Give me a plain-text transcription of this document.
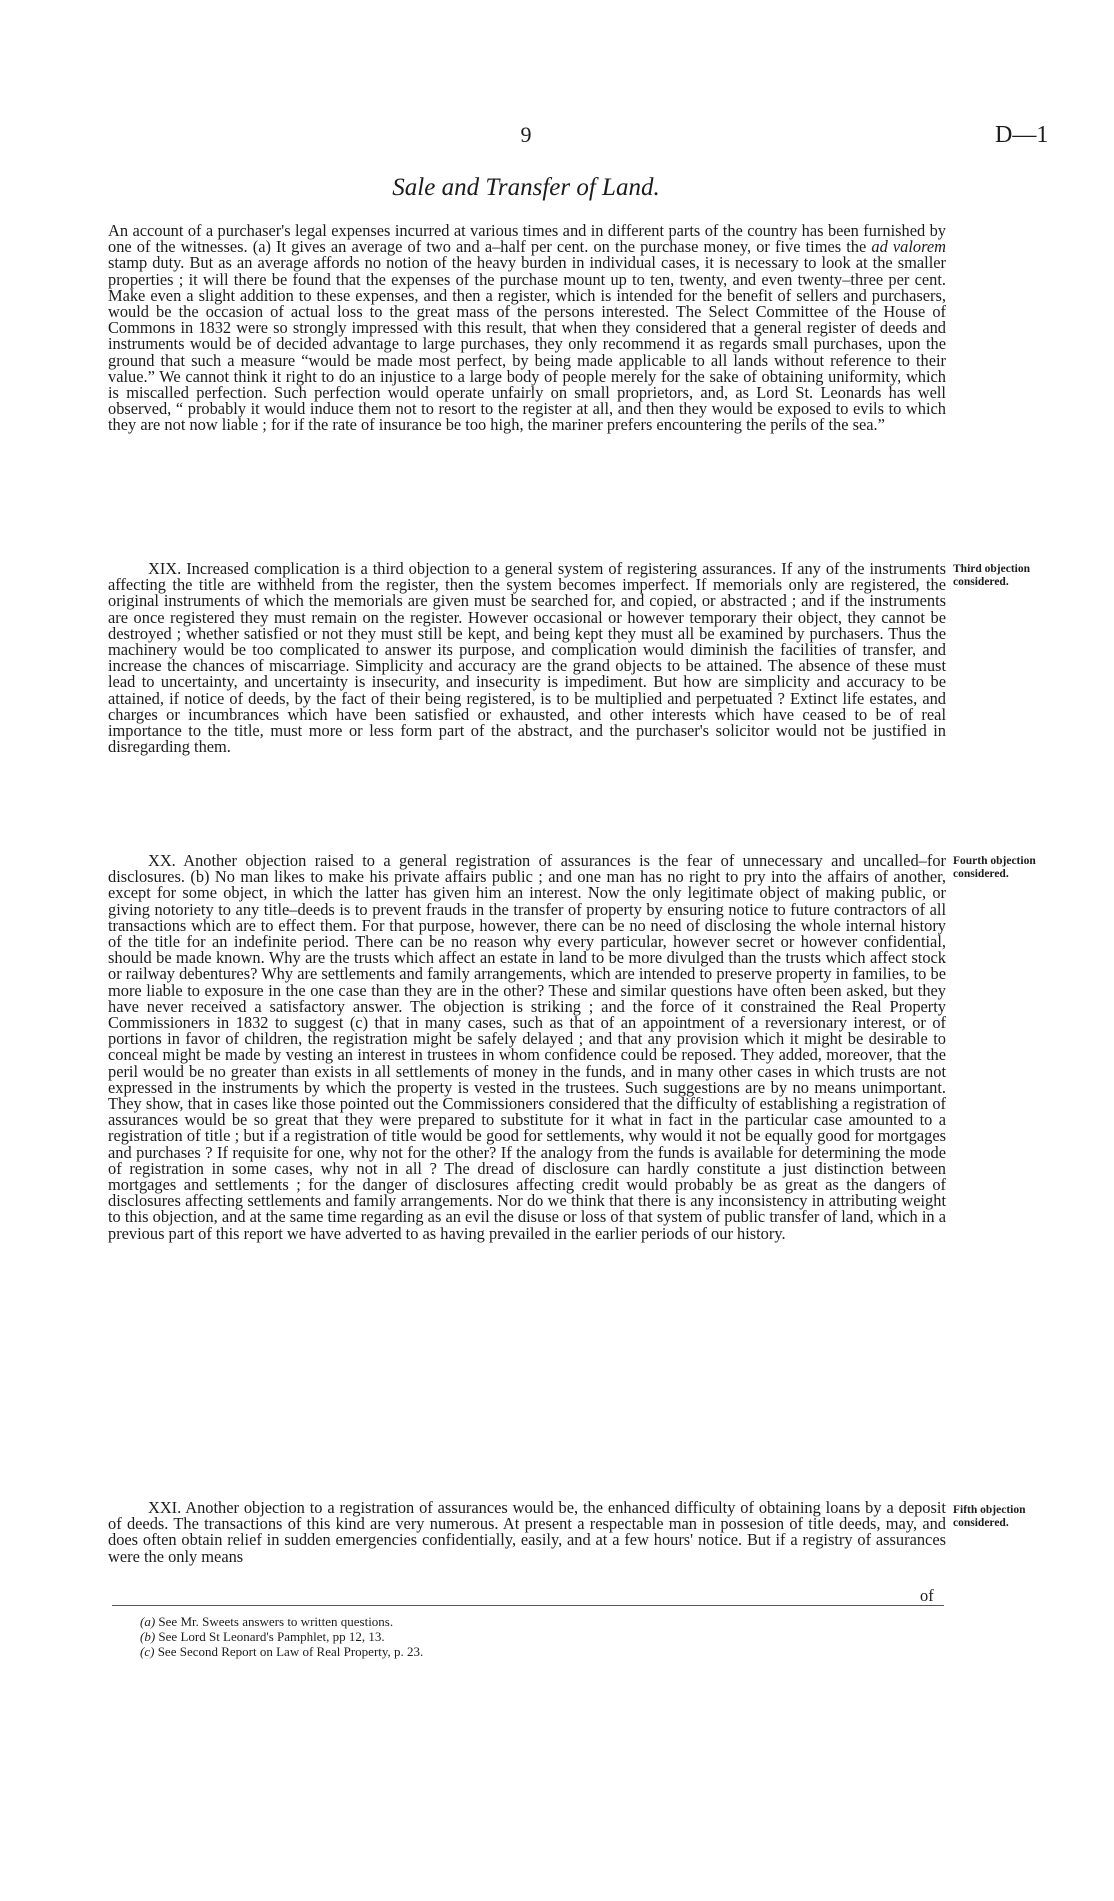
9	D—1
Sale and Transfer of Land.

An account of a purchaser's legal expenses incurred at various times and in different parts of the country has been furnished by one of the witnesses. (a) It gives an average of two and a–half per cent. on the purchase money, or five times the ad valorem stamp duty. But as an average affords no notion of the heavy burden in individual cases, it is necessary to look at the smaller properties ; it will there be found that the expenses of the purchase mount up to ten, twenty, and even twenty–three per cent. Make even a slight addition to these expenses, and then a register, which is intended for the benefit of sellers and purchasers, would be the occasion of actual loss to the great mass of the persons interested. The Select Committee of the House of Commons in 1832 were so strongly impressed with this result, that when they considered that a general register of deeds and instruments would be of decided advantage to large purchases, they only recommend it as regards small purchases, upon the ground that such a measure “would be made most perfect, by being made applicable to all lands without reference to their value.” We cannot think it right to do an injustice to a large body of people merely for the sake of obtaining uniformity, which is miscalled perfection. Such perfection would operate unfairly on small proprietors, and, as Lord St. Leonards has well observed, “ probably it would induce them not to resort to the register at all, and then they would be exposed to evils to which they are not now liable ; for if the rate of insurance be too high, the mariner prefers encountering the perils of the sea.”

XIX. Increased complication is a third objection to a general system of registering assurances. If any of the instruments affecting the title are withheld from the register, then the system becomes imperfect. If memorials only are registered, the original instruments of which the memorials are given must be searched for, and copied, or abstracted ; and if the instruments are once registered they must remain on the register. However occasional or however temporary their object, they cannot be destroyed ; whether satisfied or not they must still be kept, and being kept they must all be examined by purchasers. Thus the machinery would be too complicated to answer its purpose, and complication would diminish the facilities of transfer, and increase the chances of miscarriage. Simplicity and accuracy are the grand objects to be attained. The absence of these must lead to uncertainty, and uncertainty is insecurity, and insecurity is impediment. But how are simplicity and accuracy to be attained, if notice of deeds, by the fact of their being registered, is to be multiplied and perpetuated ? Extinct life estates, and charges or incumbrances which have been satisfied or exhausted, and other interests which have ceased to be of real importance to the title, must more or less form part of the abstract, and the purchaser's solicitor would not be justified in disregarding them.

Third objection considered.

XX. Another objection raised to a general registration of assurances is the fear of unnecessary and uncalled–for disclosures. (b) No man likes to make his private affairs public ; and one man has no right to pry into the affairs of another, except for some object, in which the latter has given him an interest. Now the only legitimate object of making public, or giving notoriety to any title–deeds is to prevent frauds in the transfer of property by ensuring notice to future contractors of all transactions which are to effect them. For that purpose, however, there can be no need of disclosing the whole internal history of the title for an indefinite period. There can be no reason why every particular, however secret or however confidential, should be made known. Why are the trusts which affect an estate in land to be more divulged than the trusts which affect stock or railway debentures? Why are settlements and family arrangements, which are intended to preserve property in families, to be more liable to exposure in the one case than they are in the other? These and similar questions have often been asked, but they have never received a satisfactory answer. The objection is striking ; and the force of it constrained the Real Property Commissioners in 1832 to suggest (c) that in many cases, such as that of an appointment of a reversionary interest, or of portions in favor of children, the registration might be safely delayed ; and that any provision which it might be desirable to conceal might be made by vesting an interest in trustees in whom confidence could be reposed. They added, moreover, that the peril would be no greater than exists in all settlements of money in the funds, and in many other cases in which trusts are not expressed in the instruments by which the property is vested in the trustees. Such suggestions are by no means unimportant. They show, that in cases like those pointed out the Commissioners considered that the difficulty of establishing a registration of assurances would be so great that they were prepared to substitute for it what in fact in the particular case amounted to a registration of title ; but if a registration of title would be good for settlements, why would it not be equally good for mortgages and purchases ? If requisite for one, why not for the other? If the analogy from the funds is available for determining the mode of registration in some cases, why not in all ? The dread of disclosure can hardly constitute a just distinction between mortgages and settlements ; for the danger of disclosures affecting credit would probably be as great as the dangers of disclosures affecting settlements and family arrangements. Nor do we think that there is any inconsistency in attributing weight to this objection, and at the same time regarding as an evil the disuse or loss of that system of public transfer of land, which in a previous part of this report we have adverted to as having prevailed in the earlier periods of our history.

Fourth objection considered.

XXI. Another objection to a registration of assurances would be, the enhanced difficulty of obtaining loans by a deposit of deeds. The transactions of this kind are very numerous. At present a respectable man in possesion of title deeds, may, and does often obtain relief in sudden emergencies confidentially, easily, and at a few hours' notice. But if a registry of assurances were the only means

Fifth objection considered.
of
(a) See Mr. Sweets answers to written questions.
(b) See Lord St Leonard's Pamphlet, pp 12, 13.
(c) See Second Report on Law of Real Property, p. 23.
